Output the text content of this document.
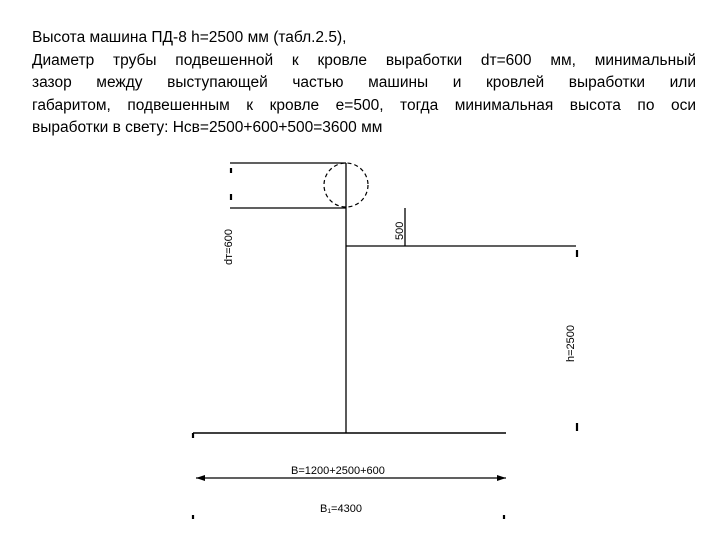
Высота машина ПД-8 h=2500 мм (табл.2.5),
Диаметр трубы подвешенной к кровле выработки dт=600 мм, минимальный
зазор между выступающей частью машины и кровлей выработки или
габаритом, подвешенным к кровле е=500, тогда минимальная высота по оси
выработки в свету: Нсв=2500+600+500=3600 мм
dт=600	500
h=2500
B=1200+2500+600
B₁=4300
